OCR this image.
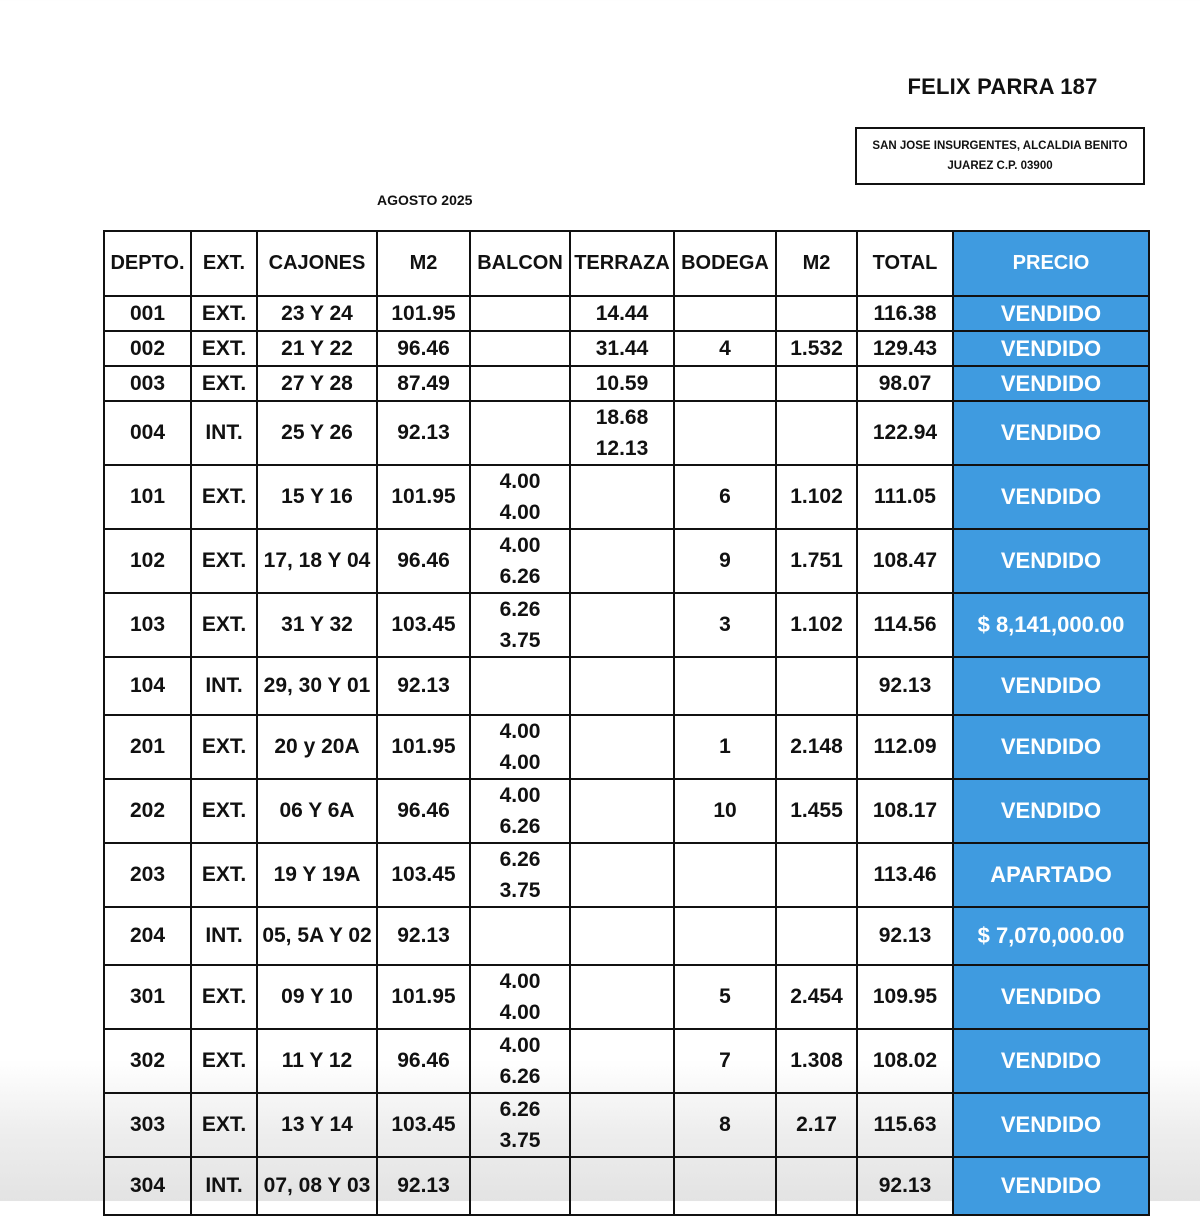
FELIX PARRA 187
SAN JOSE INSURGENTES, ALCALDIA BENITO JUAREZ C.P. 03900
AGOSTO 2025
DEPTO.	EXT.	CAJONES	M2	BALCON	TERRAZA	BODEGA	M2	TOTAL	PRECIO
001	EXT.	23 Y 24	101.95		14.44			116.38	VENDIDO
002	EXT.	21 Y 22	96.46		31.44	4	1.532	129.43	VENDIDO
003	EXT.	27 Y 28	87.49		10.59			98.07	VENDIDO
004	INT.	25 Y 26	92.13		18.68
12.13			122.94	VENDIDO
101	EXT.	15 Y 16	101.95	4.00
4.00		6	1.102	111.05	VENDIDO
102	EXT.	17, 18 Y 04	96.46	4.00
6.26		9	1.751	108.47	VENDIDO
103	EXT.	31 Y 32	103.45	6.26
3.75		3	1.102	114.56	$ 8,141,000.00
104	INT.	29, 30 Y 01	92.13					92.13	VENDIDO
201	EXT.	20 y 20A	101.95	4.00
4.00		1	2.148	112.09	VENDIDO
202	EXT.	06 Y 6A	96.46	4.00
6.26		10	1.455	108.17	VENDIDO
203	EXT.	19 Y 19A	103.45	6.26
3.75				113.46	APARTADO
204	INT.	05, 5A Y 02	92.13					92.13	$ 7,070,000.00
301	EXT.	09 Y 10	101.95	4.00
4.00		5	2.454	109.95	VENDIDO
302	EXT.	11 Y 12	96.46	4.00
6.26		7	1.308	108.02	VENDIDO
303	EXT.	13 Y 14	103.45	6.26
3.75		8	2.17	115.63	VENDIDO
304	INT.	07, 08 Y 03	92.13					92.13	VENDIDO
